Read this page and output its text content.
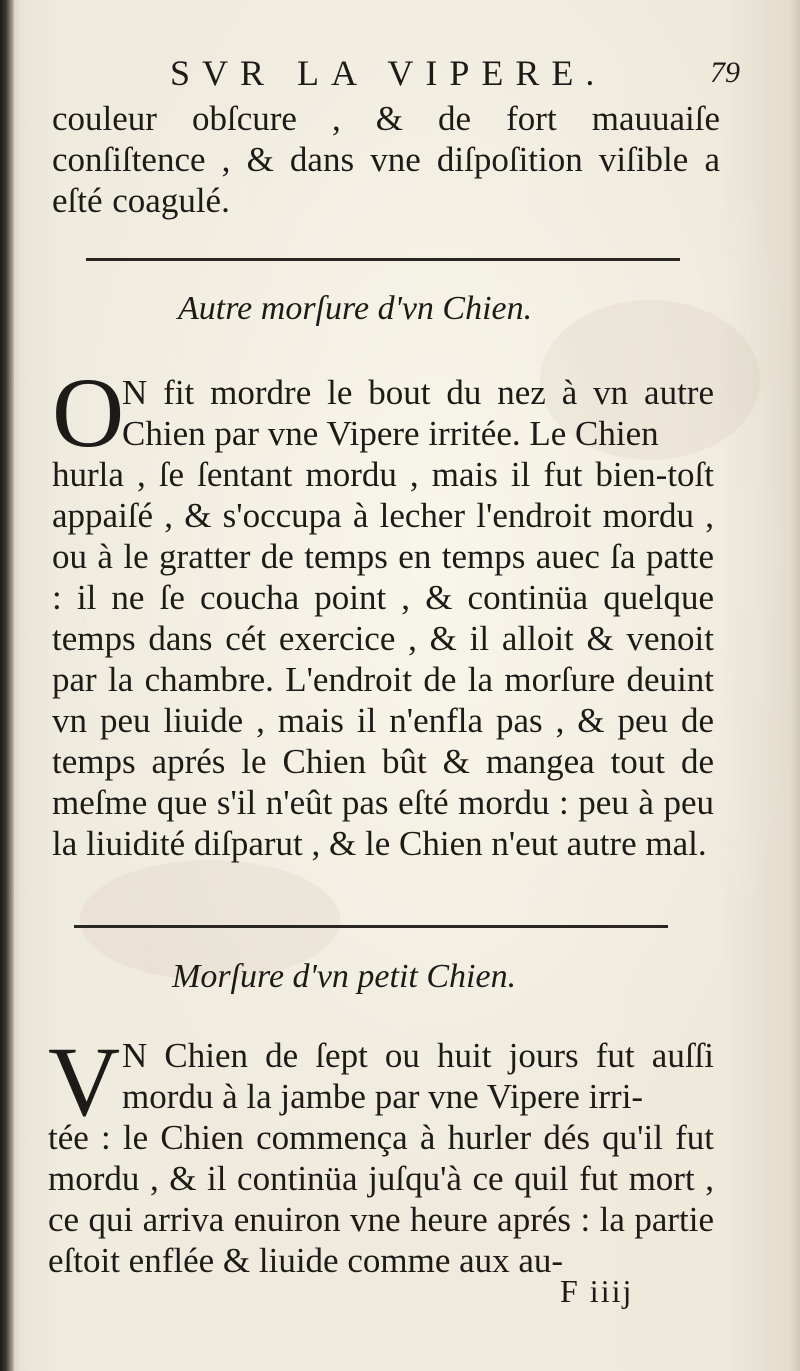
SVR LA VIPERE.	79

couleur obſcure , & de fort mauuaiſe conſiſtence , & dans vne diſpoſition viſible a eſté coagulé.

Autre morſure d'vn Chien.
O

N fit mordre le bout du nez à vn autre Chien par vne Vipere irritée. Le Chien

hurla , ſe ſentant mordu , mais il fut bien-toſt appaiſé , & s'occupa à lecher l'endroit mordu , ou à le gratter de temps en temps auec ſa patte : il ne ſe coucha point , & continüa quelque temps dans cét exercice , & il alloit & venoit par la chambre. L'endroit de la morſure deuint vn peu liuide , mais il n'enfla pas , & peu de temps aprés le Chien bût & mangea tout de meſme que s'il n'eût pas eſté mordu : peu à peu la liuidité diſparut , & le Chien n'eut autre mal.

Morſure d'vn petit Chien.
V N Chien de ſept ou huit jours fut auſſi mordu à la jambe par vne Vipere irri-

tée : le Chien commença à hurler dés qu'il fut mordu , & il continüa juſqu'à ce quil fut mort , ce qui arriva enuiron vne heure aprés : la partie eſtoit enflée & liuide comme aux au-

F iiij
